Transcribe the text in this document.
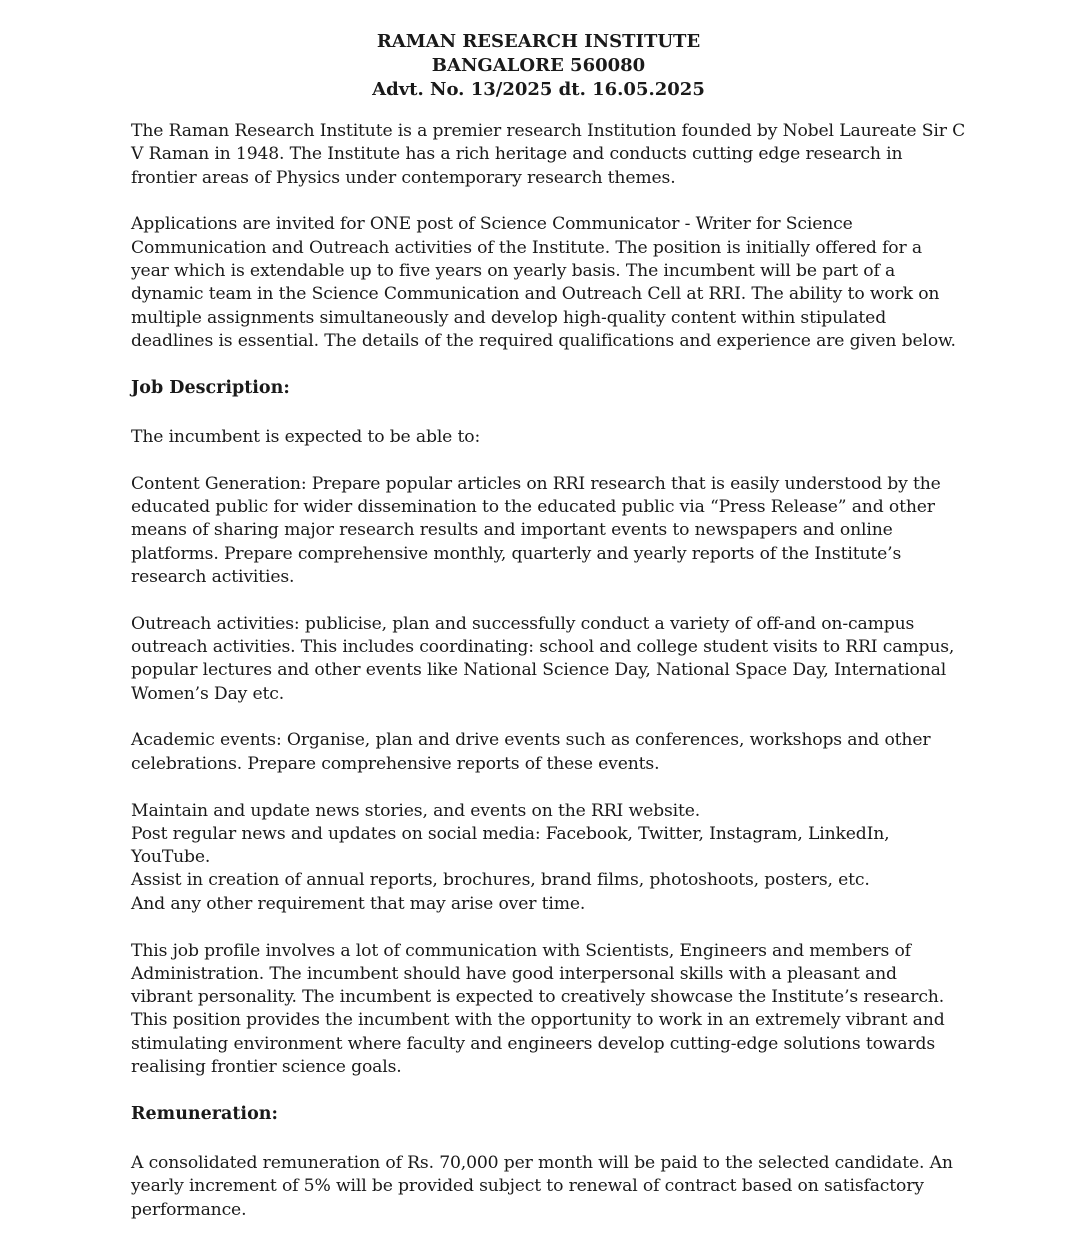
RAMAN RESEARCH INSTITUTE
BANGALORE 560080
Advt. No. 13/2025 dt. 16.05.2025
The Raman Research Institute is a premier research Institution founded by Nobel Laureate Sir C
V Raman in 1948. The Institute has a rich heritage and conducts cutting edge research in
frontier areas of Physics under contemporary research themes.
Applications are invited for ONE post of Science Communicator - Writer for Science
Communication and Outreach activities of the Institute. The position is initially offered for a
year which is extendable up to five years on yearly basis. The incumbent will be part of a
dynamic team in the Science Communication and Outreach Cell at RRI. The ability to work on
multiple assignments simultaneously and develop high-quality content within stipulated
deadlines is essential. The details of the required qualifications and experience are given below.
Job Description:
The incumbent is expected to be able to:
Content Generation: Prepare popular articles on RRI research that is easily understood by the
educated public for wider dissemination to the educated public via “Press Release” and other
means of sharing major research results and important events to newspapers and online
platforms. Prepare comprehensive monthly, quarterly and yearly reports of the Institute’s
research activities.
Outreach activities: publicise, plan and successfully conduct a variety of off-and on-campus
outreach activities. This includes coordinating: school and college student visits to RRI campus,
popular lectures and other events like National Science Day, National Space Day, International
Women’s Day etc.
Academic events: Organise, plan and drive events such as conferences, workshops and other
celebrations. Prepare comprehensive reports of these events.
Maintain and update news stories, and events on the RRI website.
Post regular news and updates on social media: Facebook, Twitter, Instagram, LinkedIn,
YouTube.
Assist in creation of annual reports, brochures, brand films, photoshoots, posters, etc.
And any other requirement that may arise over time.
This job profile involves a lot of communication with Scientists, Engineers and members of
Administration. The incumbent should have good interpersonal skills with a pleasant and
vibrant personality. The incumbent is expected to creatively showcase the Institute’s research.
This position provides the incumbent with the opportunity to work in an extremely vibrant and
stimulating environment where faculty and engineers develop cutting-edge solutions towards
realising frontier science goals.
Remuneration:
A consolidated remuneration of Rs. 70,000 per month will be paid to the selected candidate. An
yearly increment of 5% will be provided subject to renewal of contract based on satisfactory
performance.
